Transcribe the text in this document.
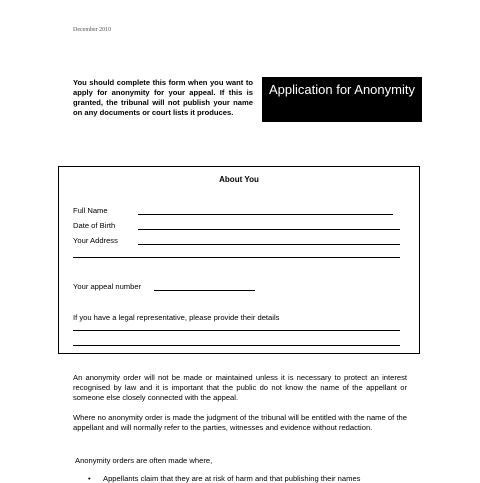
December 2010
You should complete this form when you want to apply for anonymity for your appeal. If this is granted, the tribunal will not publish your name on any documents or court lists it produces.
Application for Anonymity
About You
Full Name
Date of Birth
Your Address
Your appeal number
If you have a legal representative, please provide their details
An anonymity order will not be made or maintained unless it is necessary to protect an interest recognised by law and it is important that the public do not know the name of the appellant or someone else closely connected with the appeal.
Where no anonymity order is made the judgment of the tribunal will be entitled with the name of the appellant and will normally refer to the parties, witnesses and evidence without redaction.
Anonymity orders are often made where,
• Appellants claim that they are at risk of harm and that publishing their names
